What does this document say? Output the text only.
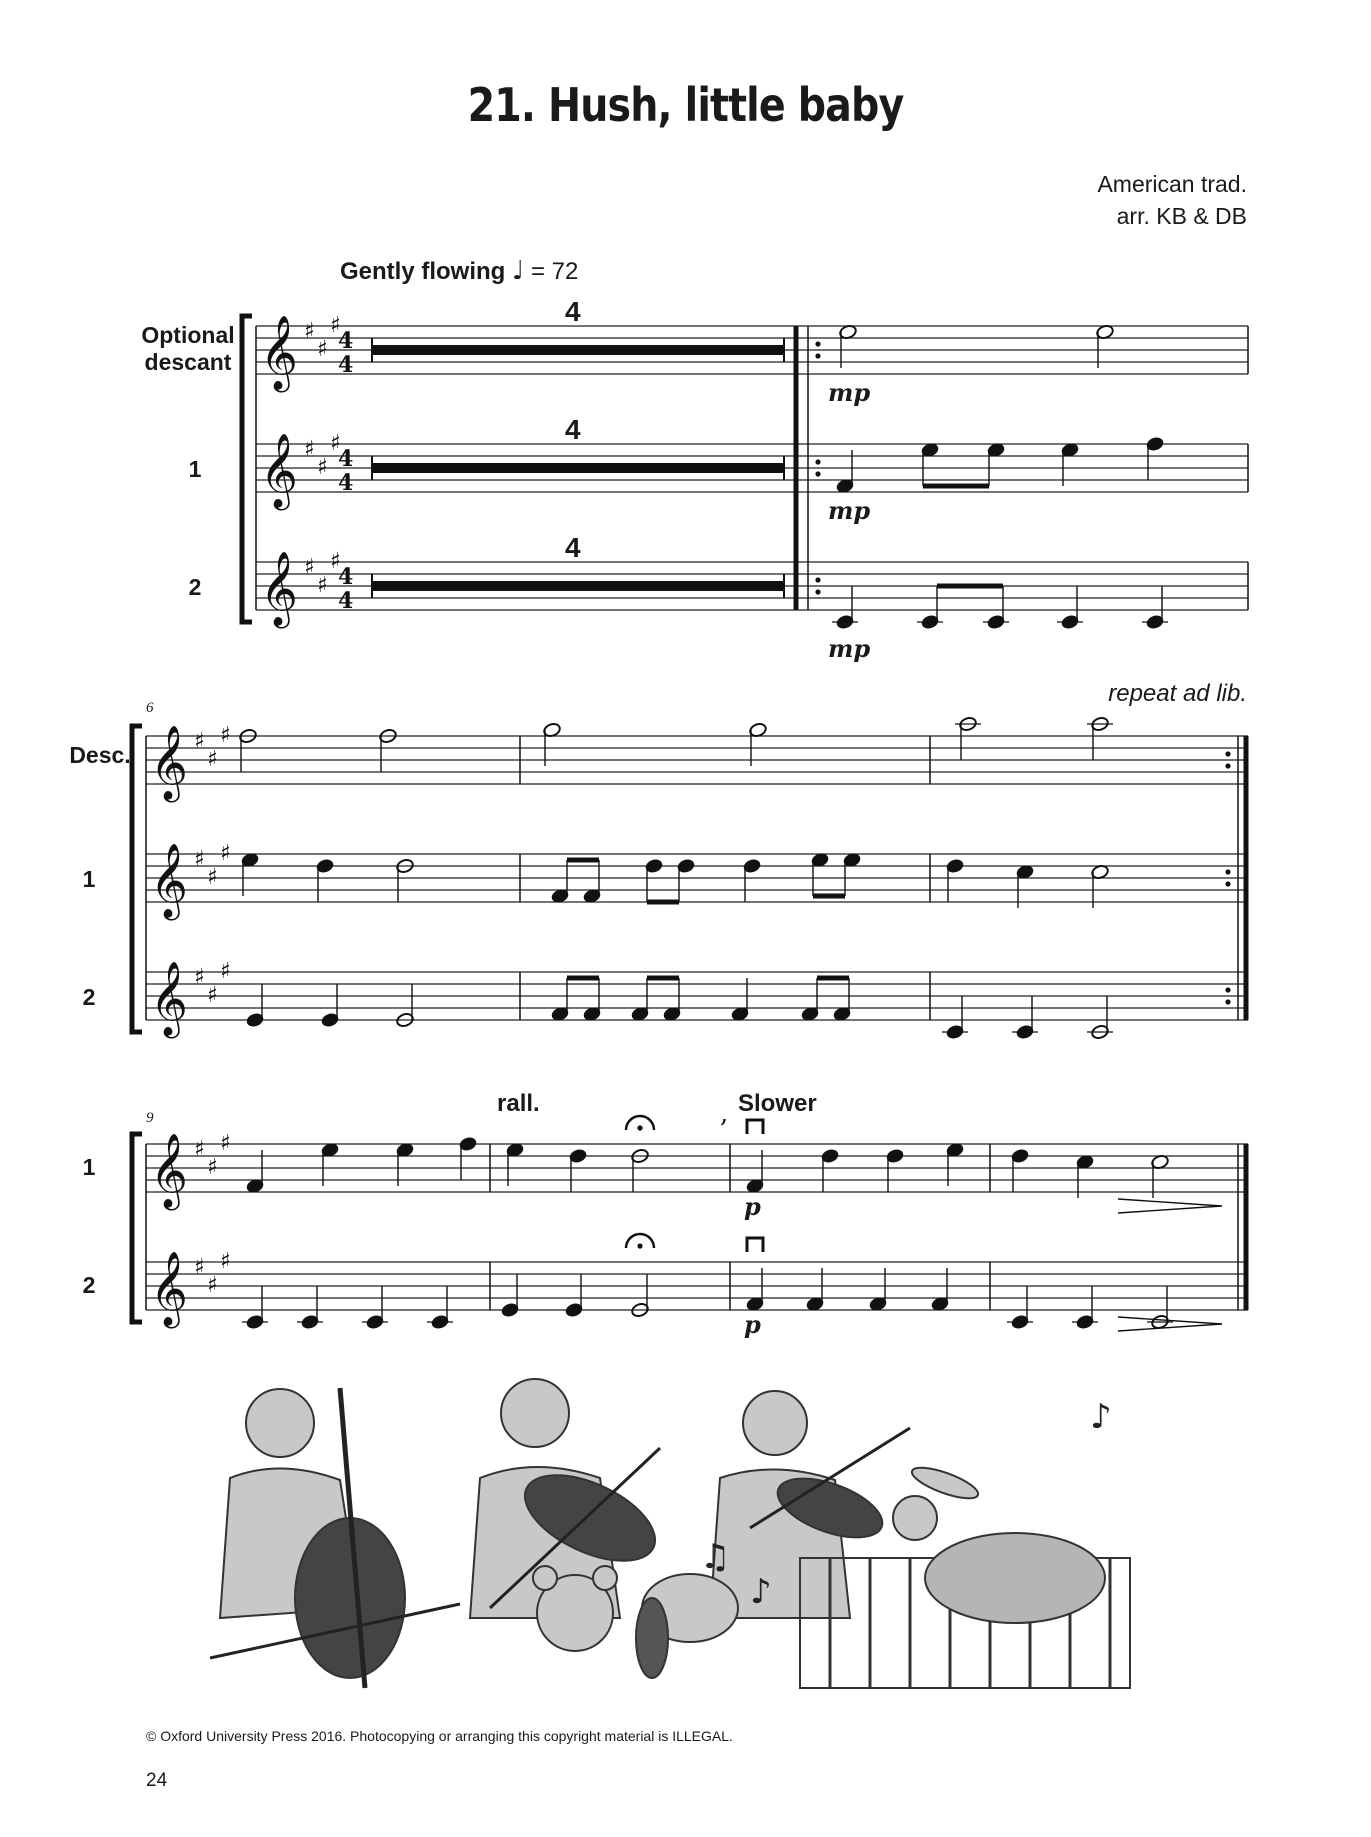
21. Hush, little baby
American trad.
arr. KB & DB
Gently flowing ♩ = 72
Optional
descant
1
2
Desc.
1
2
1
2
6
9
repeat ad lib.
rall.	Slower
4
4
4
mp
mp
mp
p
p
𝄞 ♯
♯
♯
4
4
𝄞 ♯
♯
♯
4
4
𝄞 ♯
♯
♯
4
4
𝄞 ♯
♯
♯
𝄞 ♯
♯
♯
𝄞 ♯
♯
♯
𝄞 ♯
♯
♯
𝄞 ♯
♯
♯
,
♫
♪
♪
© Oxford University Press 2016. Photocopying or arranging this copyright material is ILLEGAL.
24
